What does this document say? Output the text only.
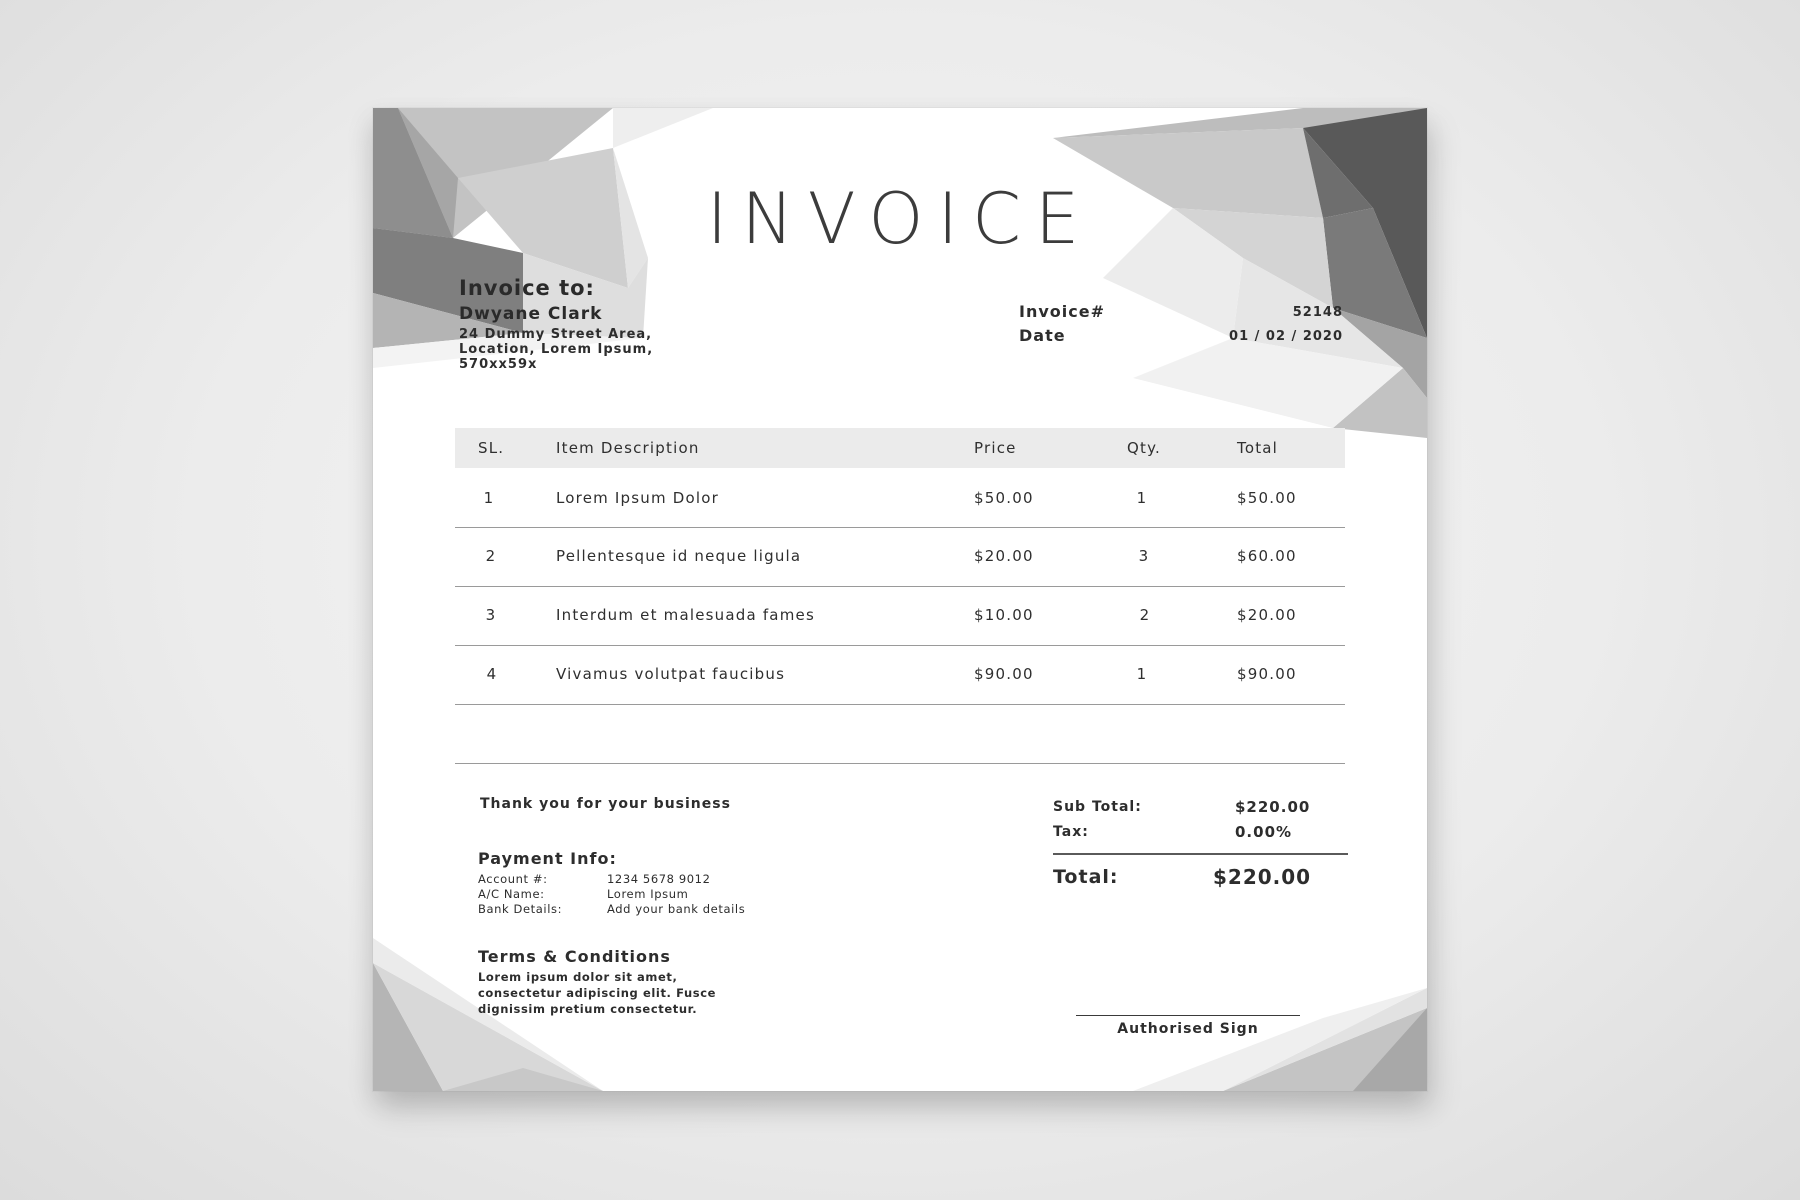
INVOICE
Invoice to:
Dwyane Clark
24 Dummy Street Area,
Location, Lorem Ipsum,
570xx59x
Invoice#	52148
Date	01 / 02 / 2020
SL.	Item Description	Price	Qty.	Total
1	Lorem Ipsum Dolor	$50.00	1	$50.00
2	Pellentesque id neque ligula	$20.00	3	$60.00
3	Interdum et malesuada fames	$10.00	2	$20.00
4	Vivamus volutpat faucibus	$90.00	1	$90.00
Thank you for your business
Payment Info:
Account #:	1234 5678 9012
A/C Name:	Lorem Ipsum
Bank Details:	Add your bank details
Terms & Conditions
Lorem ipsum dolor sit amet,
consectetur adipiscing elit. Fusce
dignissim pretium consectetur.
Sub Total:	$220.00
Tax:	0.00%
Total:	$220.00
Authorised Sign
